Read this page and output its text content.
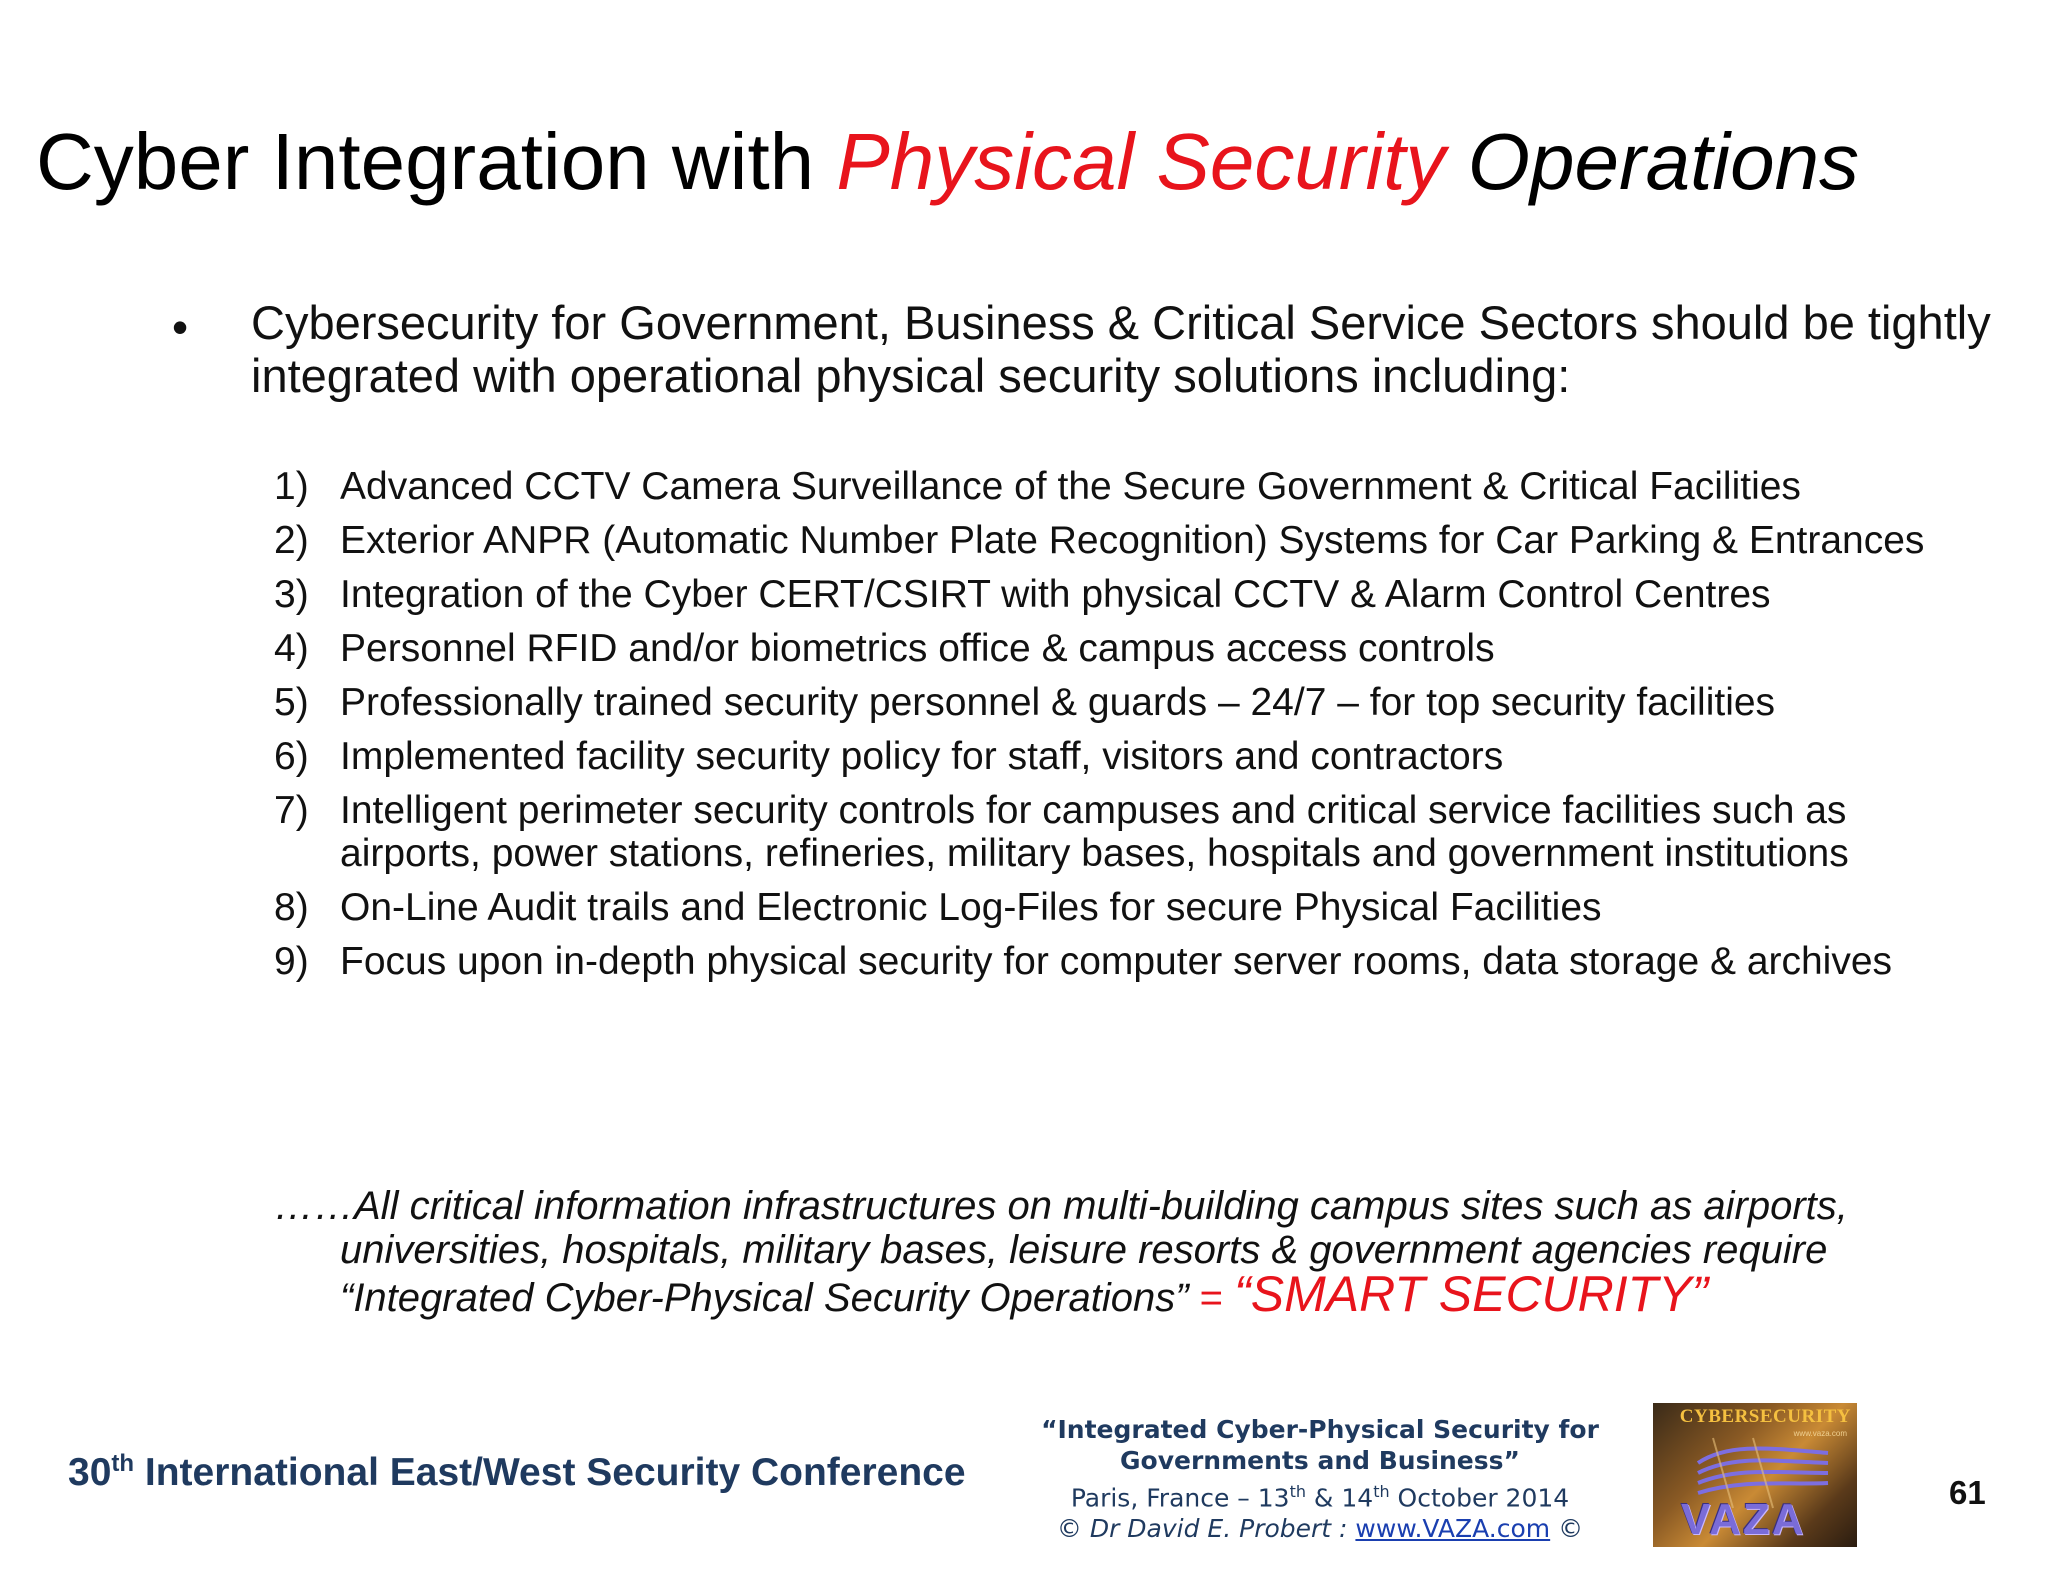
Cyber Integration with Physical Security Operations
• Cybersecurity for Government, Business & Critical Service Sectors should be tightly integrated with operational physical security solutions including:
1) Advanced CCTV Camera Surveillance of the Secure Government & Critical Facilities
2) Exterior ANPR (Automatic Number Plate Recognition) Systems for Car Parking & Entrances
3) Integration of the Cyber CERT/CSIRT with physical CCTV & Alarm Control Centres
4) Personnel RFID and/or biometrics office & campus access controls
5) Professionally trained security personnel & guards – 24/7 – for top security facilities
6) Implemented facility security policy for staff, visitors and contractors
7) Intelligent perimeter security controls for campuses and critical service facilities such as airports, power stations, refineries, military bases, hospitals and government institutions
8) On-Line Audit trails and Electronic Log-Files for secure Physical Facilities
9) Focus upon in-depth physical security for computer server rooms, data storage & archives
……All critical information infrastructures on multi-building campus sites such as airports,
universities, hospitals, military bases, leisure resorts & government agencies require
“Integrated Cyber-Physical Security Operations” = “SMART SECURITY”
30th International East/West Security Conference
“Integrated Cyber-Physical Security for
Governments and Business”
Paris, France – 13th & 14th October 2014
© Dr David E. Probert : www.VAZA.com ©
CYBERSECURITY
www.vaza.com
VAZA
61
